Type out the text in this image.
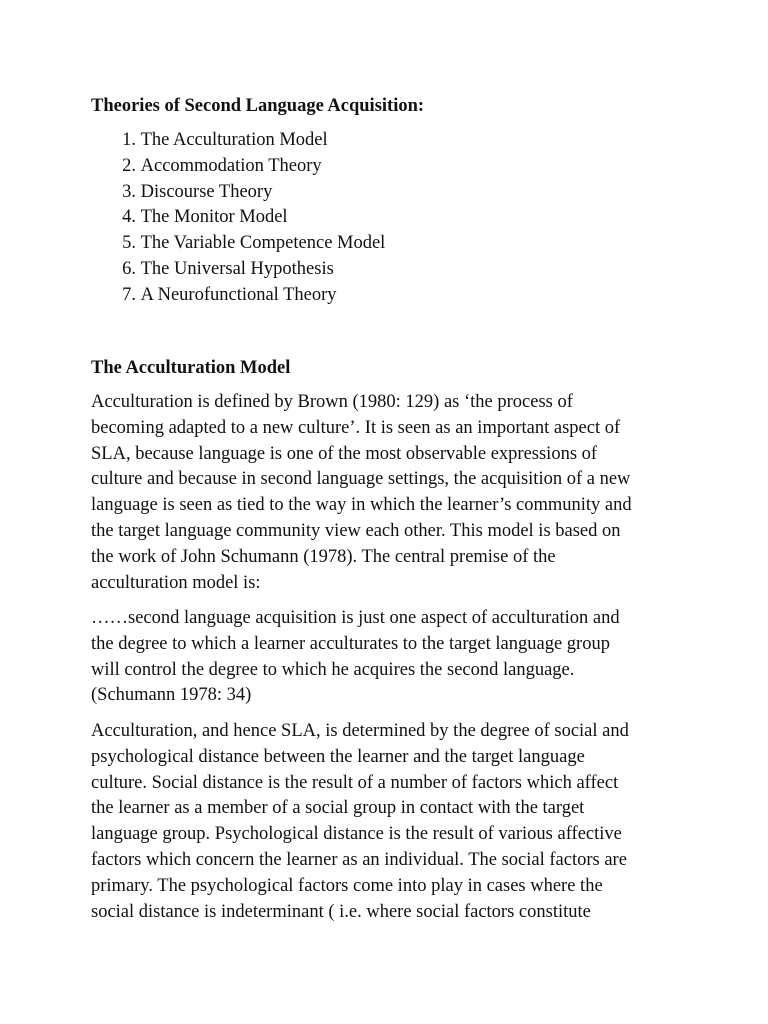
Theories of Second Language Acquisition:
1. The Acculturation Model
2. Accommodation Theory
3. Discourse Theory
4. The Monitor Model
5. The Variable Competence Model
6. The Universal Hypothesis
7. A Neurofunctional Theory
The Acculturation Model

Acculturation is defined by Brown (1980: 129) as ‘the process of
becoming adapted to a new culture’. It is seen as an important aspect of
SLA, because language is one of the most observable expressions of
culture and because in second language settings, the acquisition of a new
language is seen as tied to the way in which the learner’s community and
the target language community view each other. This model is based on
the work of John Schumann (1978). The central premise of the
acculturation model is:

……second language acquisition is just one aspect of acculturation and
the degree to which a learner acculturates to the target language group
will control the degree to which he acquires the second language.
(Schumann 1978: 34)

Acculturation, and hence SLA, is determined by the degree of social and
psychological distance between the learner and the target language
culture. Social distance is the result of a number of factors which affect
the learner as a member of a social group in contact with the target
language group. Psychological distance is the result of various affective
factors which concern the learner as an individual. The social factors are
primary. The psychological factors come into play in cases where the
social distance is indeterminant ( i.e. where social factors constitute
